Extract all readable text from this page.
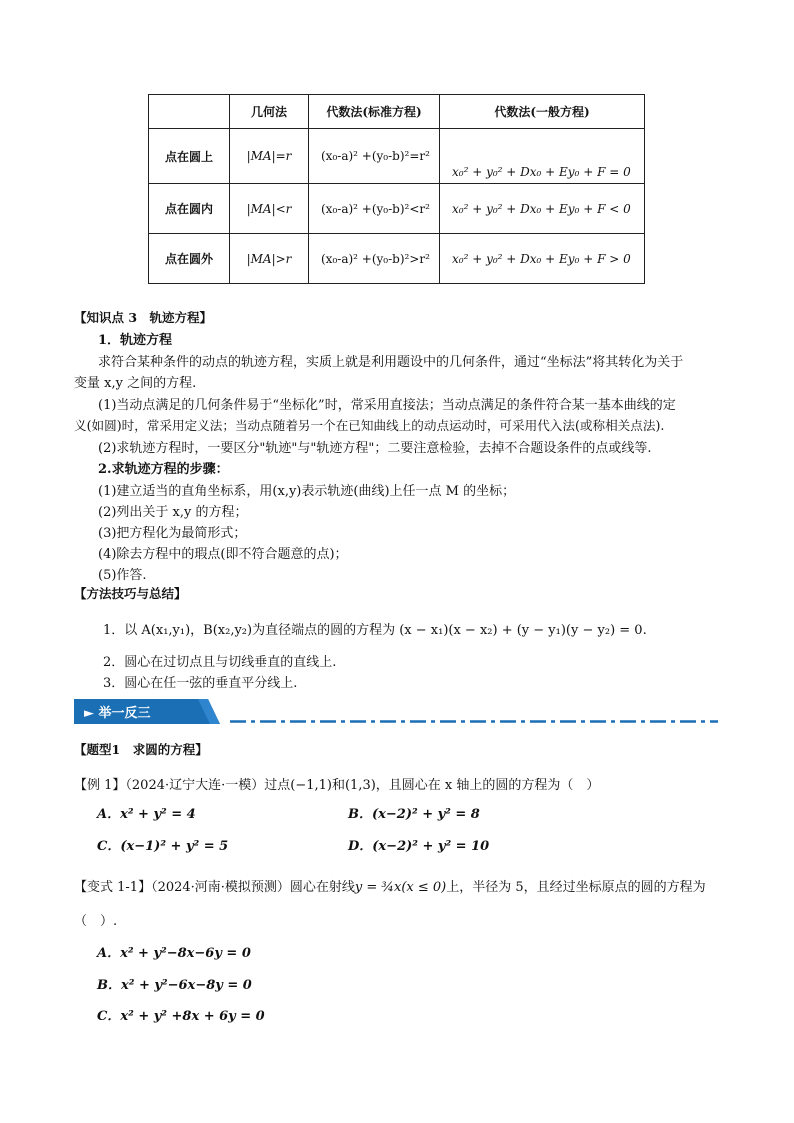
	几何法	代数法(标准方程)	代数法(一般方程)
点在圆上	|MA|=r	(x₀-a)² +(y₀-b)²=r²	x₀² + y₀² + Dx₀ + Ey₀ + F = 0
点在圆内	|MA|<r	(x₀-a)² +(y₀-b)²<r²	x₀² + y₀² + Dx₀ + Ey₀ + F < 0
点在圆外	|MA|>r	(x₀-a)² +(y₀-b)²>r²	x₀² + y₀² + Dx₀ + Ey₀ + F > 0
【知识点 3　轨迹方程】
1．轨迹方程
求符合某种条件的动点的轨迹方程，实质上就是利用题设中的几何条件，通过“坐标法”将其转化为关于
变量 x,y 之间的方程.
(1)当动点满足的几何条件易于“坐标化”时，常采用直接法；当动点满足的条件符合某一基本曲线的定
义(如圆)时，常采用定义法；当动点随着另一个在已知曲线上的动点运动时，可采用代入法(或称相关点法).
(2)求轨迹方程时，一要区分"轨迹"与"轨迹方程"；二要注意检验，去掉不合题设条件的点或线等.
2.求轨迹方程的步骤：
(1)建立适当的直角坐标系，用(x,y)表示轨迹(曲线)上任一点 M 的坐标；
(2)列出关于 x,y 的方程；
(3)把方程化为最简形式；
(4)除去方程中的瑕点(即不符合题意的点)；
(5)作答.
【方法技巧与总结】
1．以 A(x₁,y₁)，B(x₂,y₂)为直径端点的圆的方程为 (x − x₁)(x − x₂) + (y − y₁)(y − y₂) = 0.
2．圆心在过切点且与切线垂直的直线上.
3．圆心在任一弦的垂直平分线上.
► 举一反三
【题型1　求圆的方程】
【例 1】（2024·辽宁大连·一模）过点(−1,1)和(1,3)，且圆心在 x 轴上的圆的方程为（　）
A．x² + y² = 4	B．(x−2)² + y² = 8
C．(x−1)² + y² = 5	D．(x−2)² + y² = 10
【变式 1-1】（2024·河南·模拟预测）圆心在射线y = ¾x(x ≤ 0)上，半径为 5，且经过坐标原点的圆的方程为
（　）.
A．x² + y²−8x−6y = 0
B．x² + y²−6x−8y = 0
C．x² + y² +8x + 6y = 0
